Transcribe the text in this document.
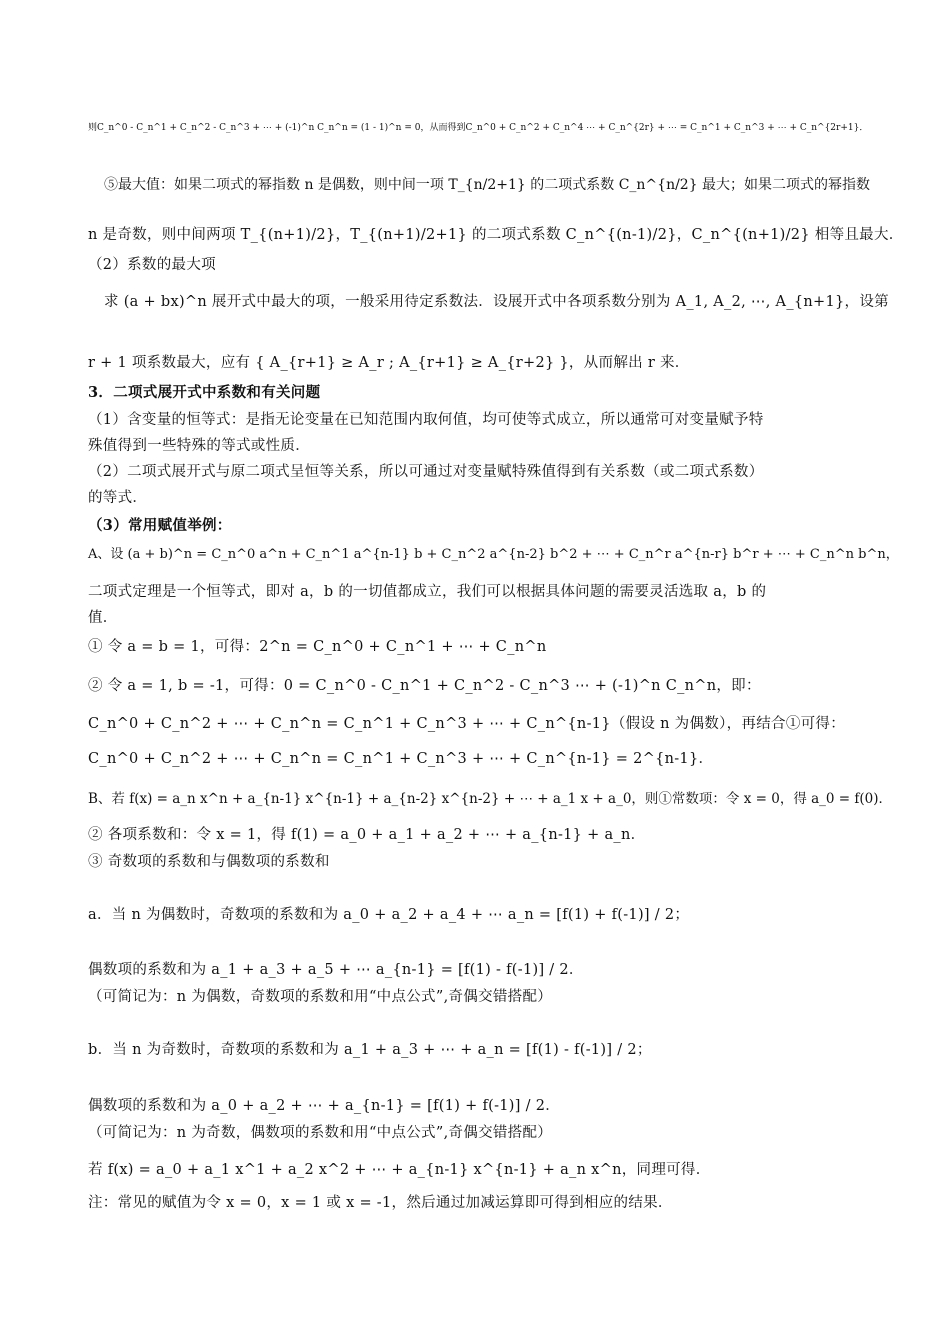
则C_n^0 - C_n^1 + C_n^2 - C_n^3 + ⋯ + (-1)^n C_n^n = (1 - 1)^n = 0，从而得到C_n^0 + C_n^2 + C_n^4 ⋯ + C_n^{2r} + ⋯ = C_n^1 + C_n^3 + ⋯ + C_n^{2r+1}．
⑤最大值：如果二项式的幂指数 n 是偶数，则中间一项 T_{n/2+1} 的二项式系数 C_n^{n/2} 最大；如果二项式的幂指数
n 是奇数，则中间两项 T_{(n+1)/2}，T_{(n+1)/2+1} 的二项式系数 C_n^{(n-1)/2}，C_n^{(n+1)/2} 相等且最大．
（2）系数的最大项
求 (a + bx)^n 展开式中最大的项，一般采用待定系数法．设展开式中各项系数分别为 A_1, A_2, ⋯, A_{n+1}，设第
r + 1 项系数最大，应有 { A_{r+1} ≥ A_r ; A_{r+1} ≥ A_{r+2} }，从而解出 r 来．
3．二项式展开式中系数和有关问题
（1）含变量的恒等式：是指无论变量在已知范围内取何值，均可使等式成立，所以通常可对变量赋予特
殊值得到一些特殊的等式或性质．
（2）二项式展开式与原二项式呈恒等关系，所以可通过对变量赋特殊值得到有关系数（或二项式系数）
的等式．
（3）常用赋值举例：
A、设 (a + b)^n = C_n^0 a^n + C_n^1 a^{n-1} b + C_n^2 a^{n-2} b^2 + ⋯ + C_n^r a^{n-r} b^r + ⋯ + C_n^n b^n，
二项式定理是一个恒等式，即对 a，b 的一切值都成立，我们可以根据具体问题的需要灵活选取 a，b 的
值．
① 令 a = b = 1，可得：2^n = C_n^0 + C_n^1 + ⋯ + C_n^n
② 令 a = 1, b = -1，可得：0 = C_n^0 - C_n^1 + C_n^2 - C_n^3 ⋯ + (-1)^n C_n^n，即：
C_n^0 + C_n^2 + ⋯ + C_n^n = C_n^1 + C_n^3 + ⋯ + C_n^{n-1}（假设 n 为偶数），再结合①可得：
C_n^0 + C_n^2 + ⋯ + C_n^n = C_n^1 + C_n^3 + ⋯ + C_n^{n-1} = 2^{n-1}．
B、若 f(x) = a_n x^n + a_{n-1} x^{n-1} + a_{n-2} x^{n-2} + ⋯ + a_1 x + a_0，则①常数项：令 x = 0，得 a_0 = f(0)．
② 各项系数和：令 x = 1，得 f(1) = a_0 + a_1 + a_2 + ⋯ + a_{n-1} + a_n．
③ 奇数项的系数和与偶数项的系数和
a．当 n 为偶数时，奇数项的系数和为 a_0 + a_2 + a_4 + ⋯ a_n = [f(1) + f(-1)] / 2；
偶数项的系数和为 a_1 + a_3 + a_5 + ⋯ a_{n-1} = [f(1) - f(-1)] / 2．
（可简记为：n 为偶数，奇数项的系数和用“中点公式”,奇偶交错搭配）
b．当 n 为奇数时，奇数项的系数和为 a_1 + a_3 + ⋯ + a_n = [f(1) - f(-1)] / 2；
偶数项的系数和为 a_0 + a_2 + ⋯ + a_{n-1} = [f(1) + f(-1)] / 2．
（可简记为：n 为奇数，偶数项的系数和用“中点公式”,奇偶交错搭配）
若 f(x) = a_0 + a_1 x^1 + a_2 x^2 + ⋯ + a_{n-1} x^{n-1} + a_n x^n，同理可得．
注：常见的赋值为令 x = 0，x = 1 或 x = -1，然后通过加减运算即可得到相应的结果．
